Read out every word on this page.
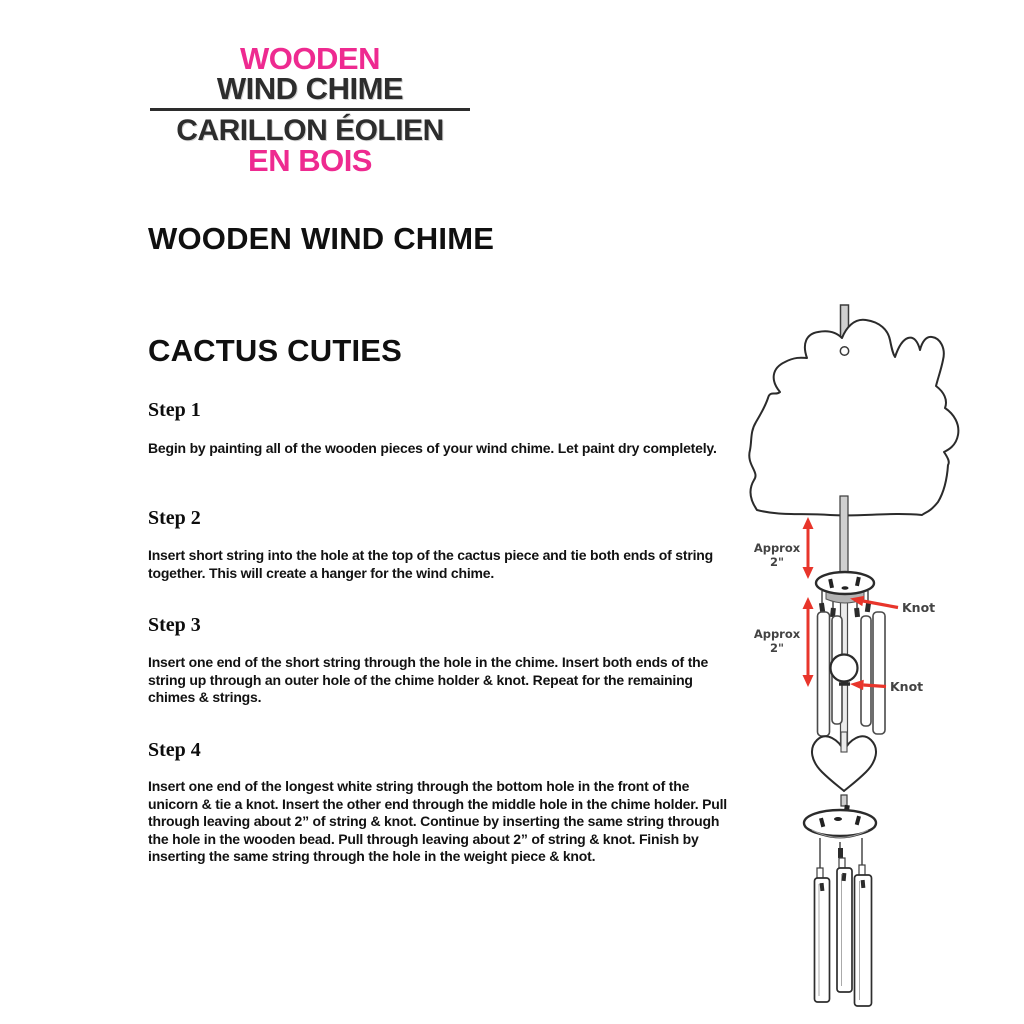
WOODEN
WIND CHIME
CARILLON ÉOLIEN
EN BOIS
WOODEN WIND CHIME
CACTUS CUTIES
Step 1
Begin by painting all of the wooden pieces of your wind chime. Let paint dry completely.
Step 2
Insert short string into the hole at the top of the cactus piece and tie both ends of string together. This will create a hanger for the wind chime.
Step 3
Insert one end of the short string through the hole in the chime. Insert both ends of the string up through an outer hole of the chime holder & knot. Repeat for the remaining chimes & strings.
Step 4
Insert one end of the longest white string through the bottom hole in the front of the unicorn & tie a knot. Insert the other end through the middle hole in the chime holder. Pull through leaving about 2” of string & knot. Continue by inserting the same string through the hole in the wooden bead. Pull through leaving about 2” of string & knot. Finish by inserting the same string through the hole in the weight piece & knot.
Approx
2"
Approx
2"
Knot
Knot
